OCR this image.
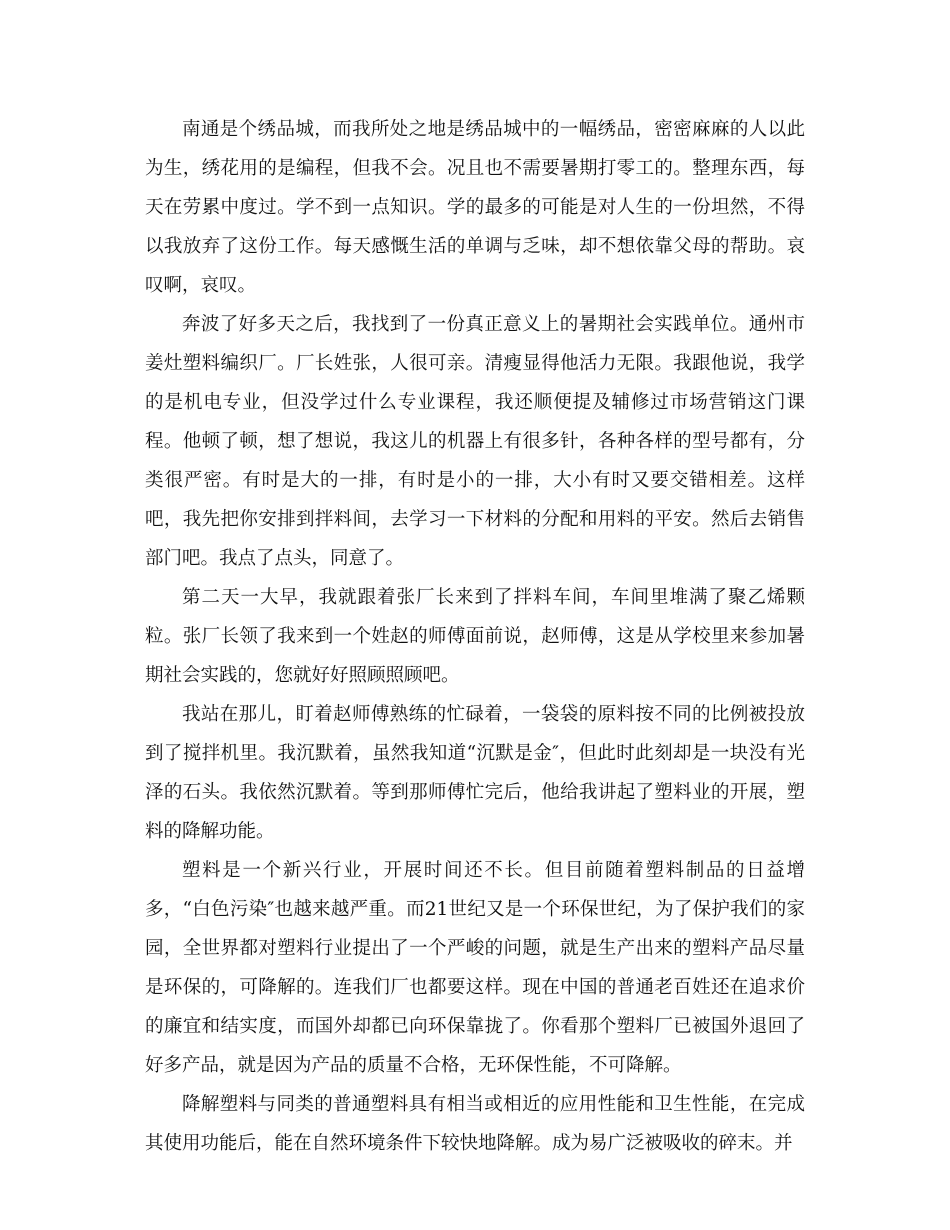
南通是个绣品城，而我所处之地是绣品城中的一幅绣品，密密麻麻的人以此为生，绣花用的是编程，但我不会。况且也不需要暑期打零工的。整理东西，每天在劳累中度过。学不到一点知识。学的最多的可能是对人生的一份坦然，不得以我放弃了这份工作。每天感慨生活的单调与乏味，却不想依靠父母的帮助。哀叹啊，哀叹。

奔波了好多天之后，我找到了一份真正意义上的暑期社会实践单位。通州市姜灶塑料编织厂。厂长姓张，人很可亲。清瘦显得他活力无限。我跟他说，我学的是机电专业，但没学过什么专业课程，我还顺便提及辅修过市场营销这门课程。他顿了顿，想了想说，我这儿的机器上有很多针，各种各样的型号都有，分类很严密。有时是大的一排，有时是小的一排，大小有时又要交错相差。这样吧，我先把你安排到拌料间，去学习一下材料的分配和用料的平安。然后去销售部门吧。我点了点头，同意了。

第二天一大早，我就跟着张厂长来到了拌料车间，车间里堆满了聚乙烯颗粒。张厂长领了我来到一个姓赵的师傅面前说，赵师傅，这是从学校里来参加暑期社会实践的，您就好好照顾照顾吧。

我站在那儿，盯着赵师傅熟练的忙碌着，一袋袋的原料按不同的比例被投放到了搅拌机里。我沉默着，虽然我知道“沉默是金″，但此时此刻却是一块没有光泽的石头。我依然沉默着。等到那师傅忙完后，他给我讲起了塑料业的开展，塑料的降解功能。

塑料是一个新兴行业，开展时间还不长。但目前随着塑料制品的日益增多，“白色污染″也越来越严重。而21世纪又是一个环保世纪，为了保护我们的家园，全世界都对塑料行业提出了一个严峻的问题，就是生产出来的塑料产品尽量是环保的，可降解的。连我们厂也都要这样。现在中国的普通老百姓还在追求价的廉宜和结实度，而国外却都已向环保靠拢了。你看那个塑料厂已被国外退回了好多产品，就是因为产品的质量不合格，无环保性能，不可降解。

降解塑料与同类的普通塑料具有相当或相近的应用性能和卫生性能，在完成其使用功能后，能在自然环境条件下较快地降解。成为易广泛被吸收的碎末。并
